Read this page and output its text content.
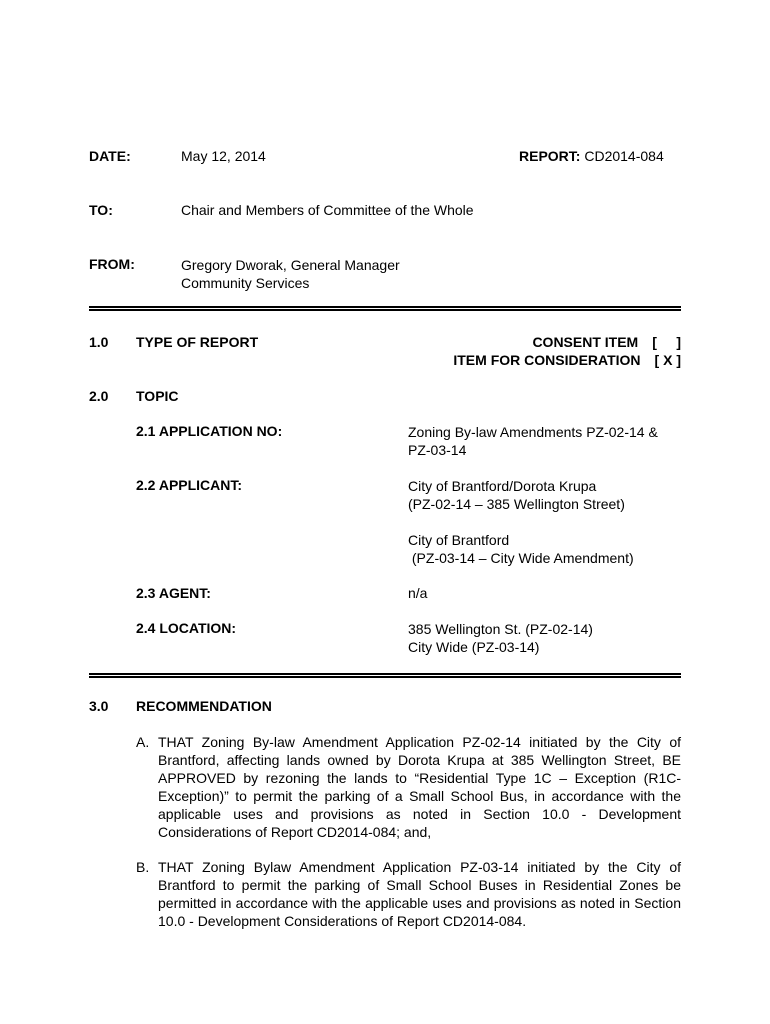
DATE:	May 12, 2014	REPORT: CD2014-084
TO:	Chair and Members of Committee of the Whole
FROM:	Gregory Dworak, General Manager
Community Services
1.0 TYPE OF REPORT	CONSENT ITEM [     ]
ITEM FOR CONSIDERATION [ X ]
2.0 TOPIC
2.1 APPLICATION NO:	Zoning By-law Amendments PZ-02-14 &
PZ-03-14
2.2 APPLICANT:	City of Brantford/Dorota Krupa
(PZ-02-14 – 385 Wellington Street)
City of Brantford
(PZ-03-14 – City Wide Amendment)
2.3 AGENT:	n/a
2.4 LOCATION:	385 Wellington St. (PZ-02-14)
City Wide (PZ-03-14)
3.0 RECOMMENDATION
A. THAT Zoning By-law Amendment Application PZ-02-14 initiated by the City of Brantford, affecting lands owned by Dorota Krupa at 385 Wellington Street, BE APPROVED by rezoning the lands to “Residential Type 1C – Exception (R1C-Exception)” to permit the parking of a Small School Bus, in accordance with the applicable uses and provisions as noted in Section 10.0 - Development Considerations of Report CD2014-084; and,
B. THAT Zoning Bylaw Amendment Application PZ-03-14 initiated by the City of Brantford to permit the parking of Small School Buses in Residential Zones be permitted in accordance with the applicable uses and provisions as noted in Section 10.0 - Development Considerations of Report CD2014-084.
